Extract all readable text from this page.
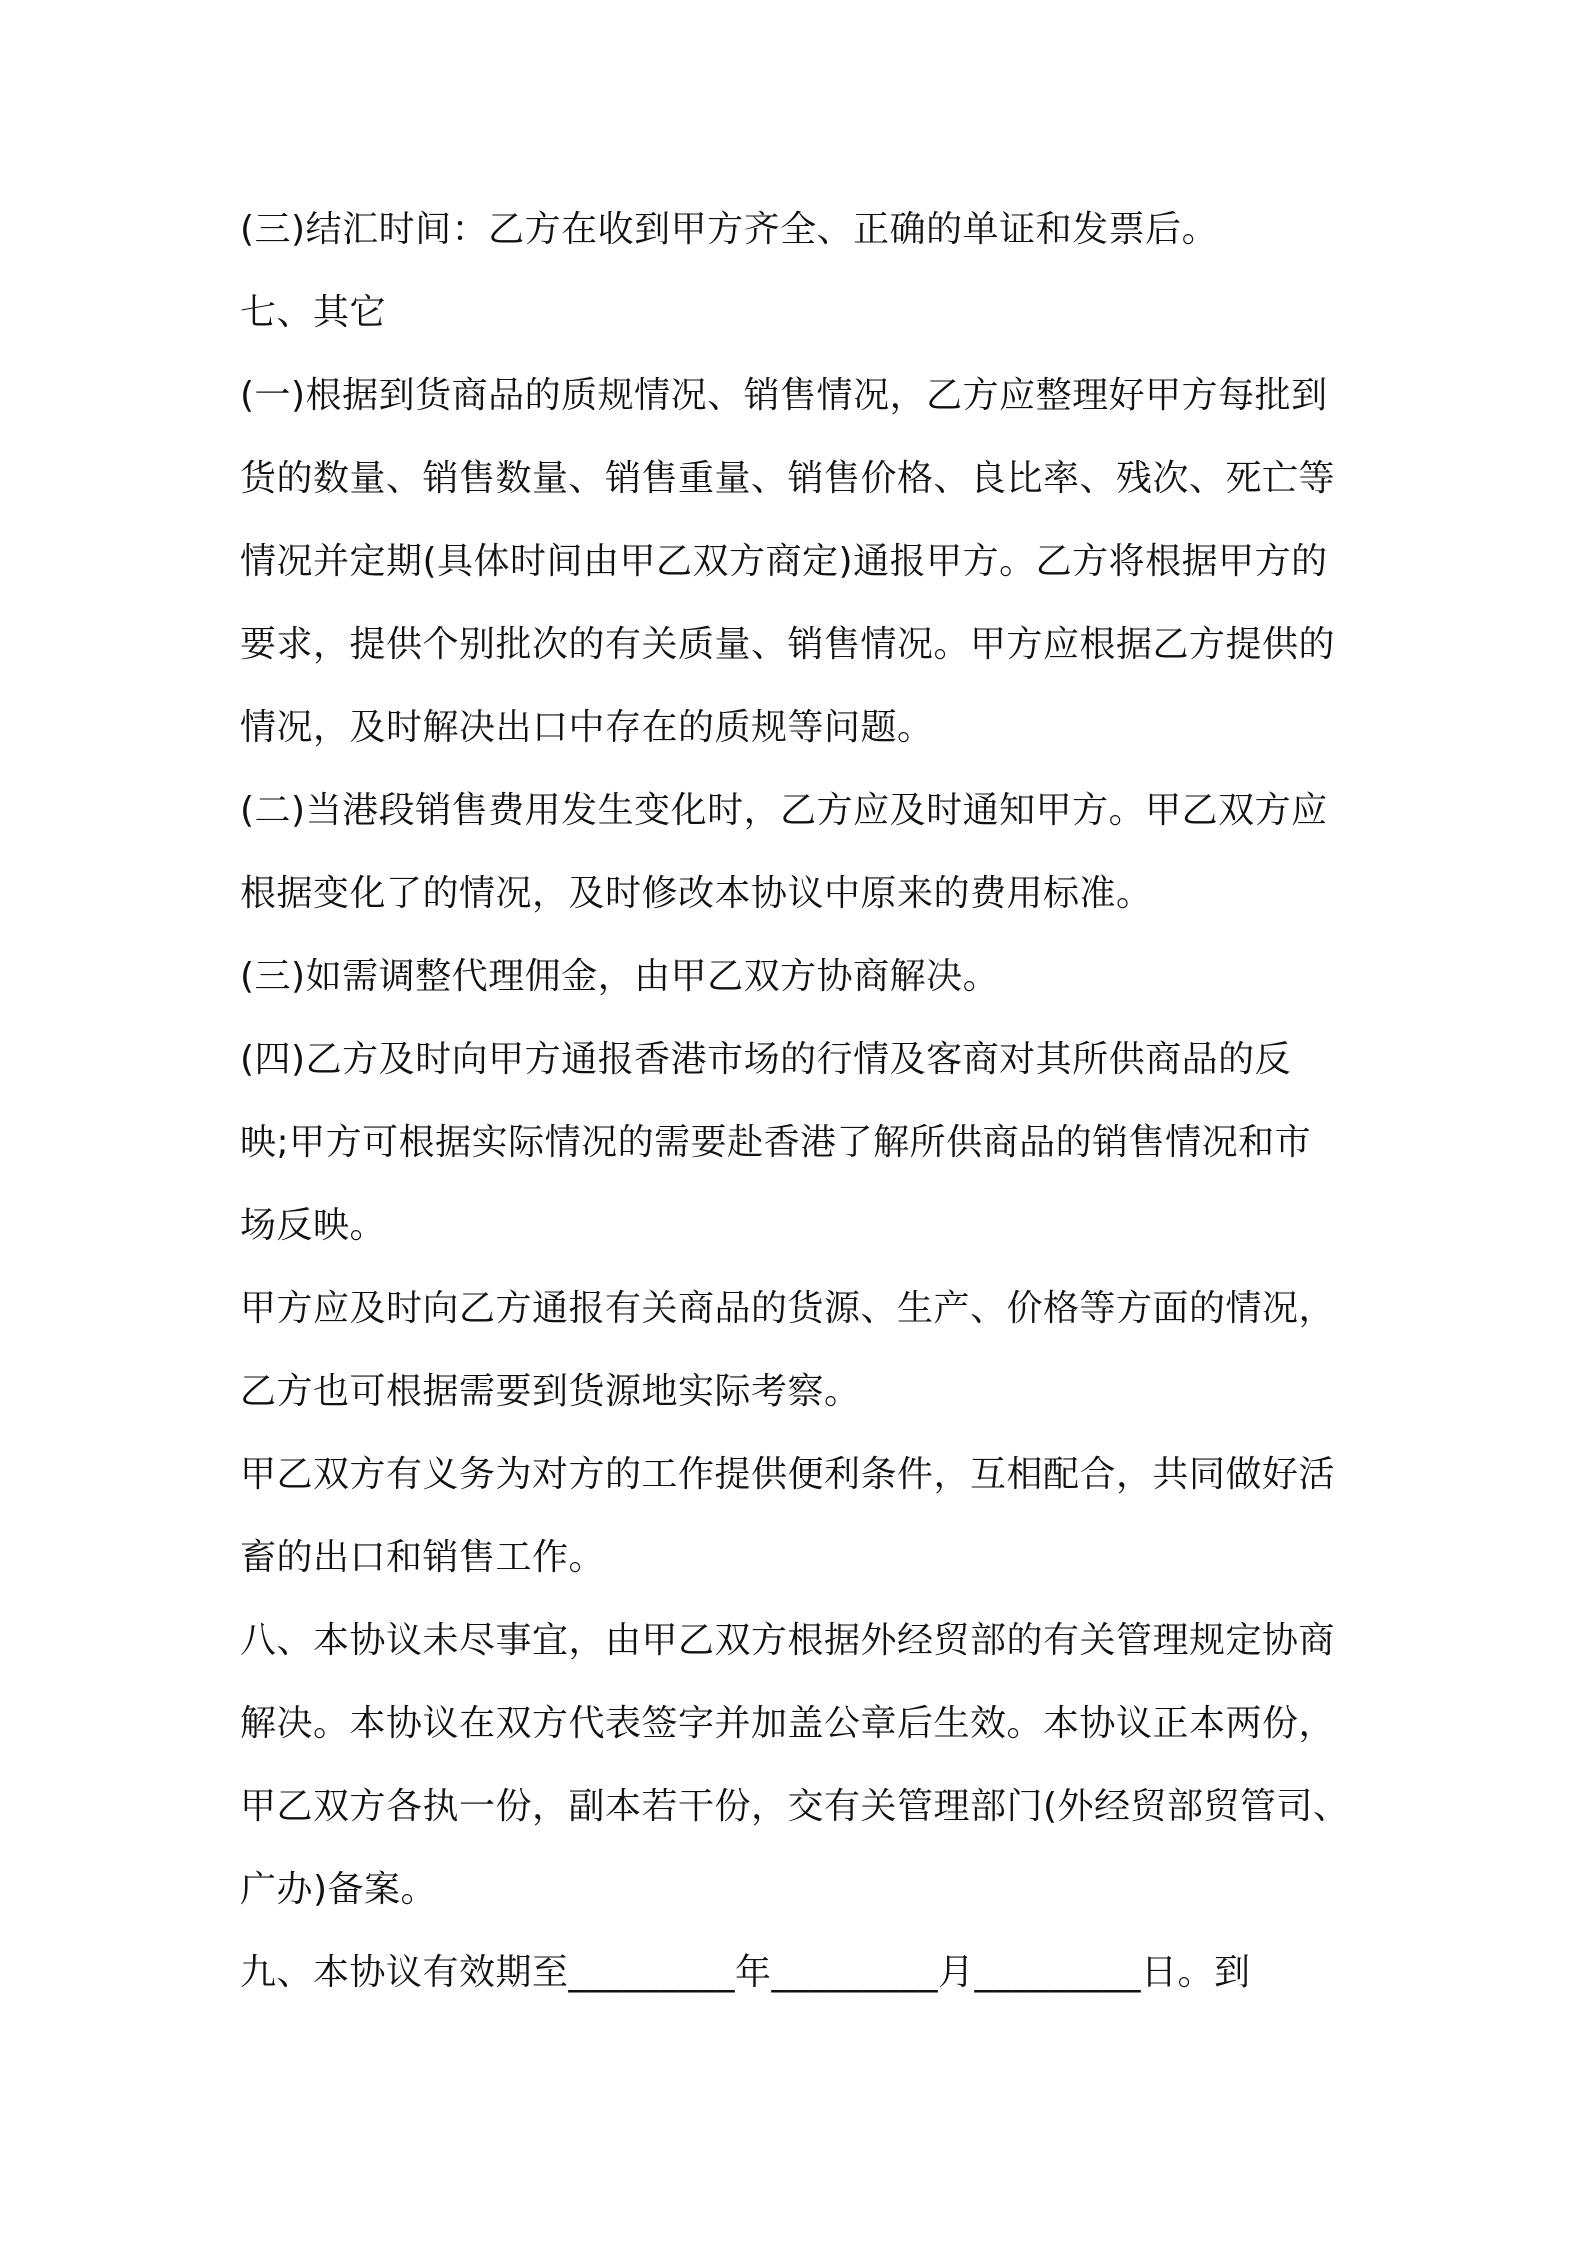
(三)结汇时间：乙方在收到甲方齐全、正确的单证和发票后。
七、其它
(一)根据到货商品的质规情况、销售情况，乙方应整理好甲方每批到
货的数量、销售数量、销售重量、销售价格、良比率、残次、死亡等
情况并定期(具体时间由甲乙双方商定)通报甲方。乙方将根据甲方的
要求，提供个别批次的有关质量、销售情况。甲方应根据乙方提供的
情况，及时解决出口中存在的质规等问题。
(二)当港段销售费用发生变化时，乙方应及时通知甲方。甲乙双方应
根据变化了的情况，及时修改本协议中原来的费用标准。
(三)如需调整代理佣金，由甲乙双方协商解决。
(四)乙方及时向甲方通报香港市场的行情及客商对其所供商品的反
映;甲方可根据实际情况的需要赴香港了解所供商品的销售情况和市
场反映。
甲方应及时向乙方通报有关商品的货源、生产、价格等方面的情况，
乙方也可根据需要到货源地实际考察。
甲乙双方有义务为对方的工作提供便利条件，互相配合，共同做好活
畜的出口和销售工作。
八、本协议未尽事宜，由甲乙双方根据外经贸部的有关管理规定协商
解决。本协议在双方代表签字并加盖公章后生效。本协议正本两份，
甲乙双方各执一份，副本若干份，交有关管理部门(外经贸部贸管司、
广办)备案。
九、本协议有效期至_________年_________月_________日。到
